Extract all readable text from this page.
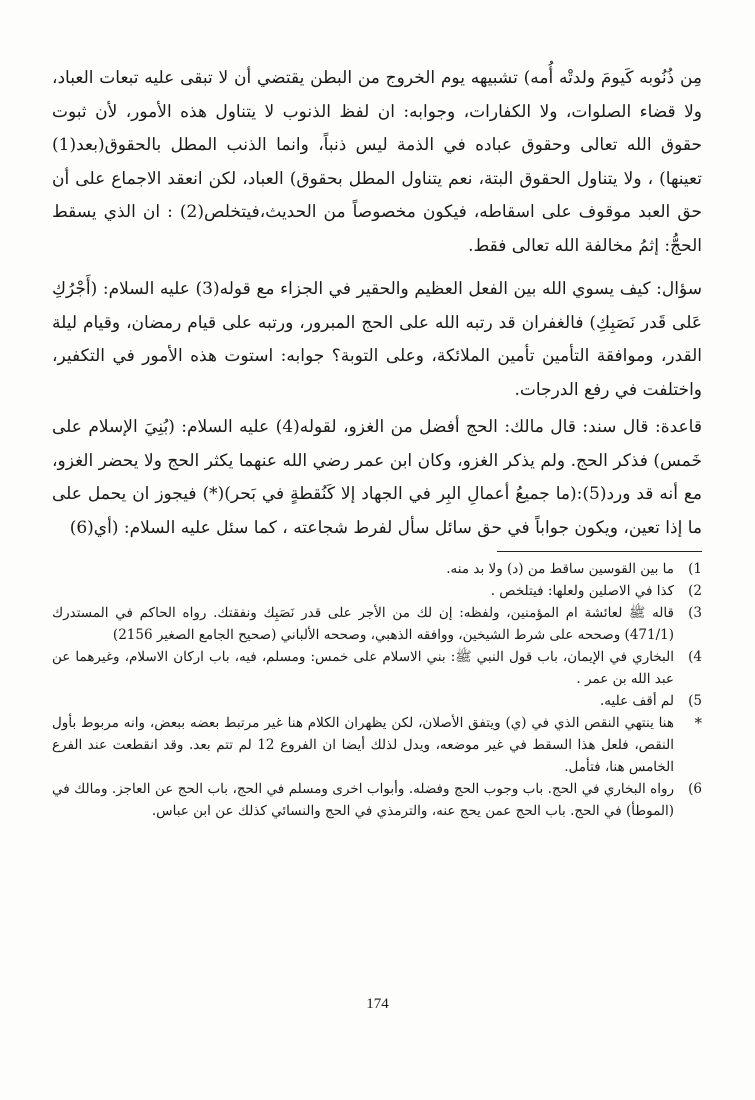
مِن ذُنُوبه كَيومَ ولدتْه أُمه) تشبيهه يوم الخروج من البطن يقتضي أن لا تبقى عليه تبعات العباد، ولا قضاء الصلوات، ولا الكفارات، وجوابه: ان لفظ الذنوب لا يتناول هذه الأمور، لأن ثبوت حقوق الله تعالى وحقوق عباده في الذمة ليس ذنباً، وانما الذنب المطل بالحقوق(بعد(1) تعينها) ، ولا يتناول الحقوق البتة، نعم يتناول المطل بحقوق) العباد، لكن انعقد الاجماع على أن حق العبد موقوف على اسقاطه، فيكون مخصوصاً من الحديث،فيتخلص(2) : ان الذي يسقط الحجُّ: إثمُ مخالفة الله تعالى فقط.

سؤال: كيف يسوي الله بين الفعل العظيم والحقير في الجزاء مع قوله(3) عليه السلام: (أَجْرُكِ عَلى قَدر نَصَبِكِ) فالغفران قد رتبه الله على الحج المبرور، ورتبه على قيام رمضان، وقيام ليلة القدر، وموافقة التأمين تأمين الملائكة، وعلى التوبة؟ جوابه: استوت هذه الأمور في التكفير، واختلفت في رفع الدرجات.

قاعدة: قال سند: قال مالك: الحج أفضل من الغزو، لقوله(4) عليه السلام: (بُنِيَ الإسلام على خَمس) فذكر الحج. ولم يذكر الغزو، وكان ابن عمر رضي الله عنهما يكثر الحج ولا يحضر الغزو، مع أنه قد ورد(5):(ما جميعُ أعمالِ البِر في الجهاد إلا كَنُقطةٍ في بَحر)(*) فيجوز ان يحمل على ما إذا تعين، ويكون جواباً في حق سائل سأل لفرط شجاعته ، كما سئل عليه السلام: (أي(6)

1)
ما بين القوسين ساقط من (د) ولا بد منه.
2)
كذا في الاصلين ولعلها: فيتلخص .
3)
قاله ﷺ لعائشة ام المؤمنين، ولفظه: إن لك من الأجر على قدر نَصَبِك ونفقتك. رواه الحاكم في المستدرك (471/1) وصححه على شرط الشيخين، ووافقه الذهبي، وصححه الألباني (صحيح الجامع الصغير 2156)
4)
البخاري في الإيمان، باب قول النبي ﷺ: بني الاسلام على خمس: ومسلم، فيه، باب اركان الاسلام، وغيرهما عن عبد الله بن عمر .
5)
لم أقف عليه.
*
هنا ينتهي النقص الذي في (ي) ويتفق الأصلان، لكن يظهران الكلام هنا غير مرتبط بعضه ببعض، وانه مربوط بأول النقص، فلعل هذا السقط في غير موضعه، ويدل لذلك أيضا ان الفروع 12 لم تتم بعد. وقد انقطعت عند الفرع الخامس هنا، فتأمل.
6)
رواه البخاري في الحج. باب وجوب الحج وفضله. وأبواب اخرى ومسلم في الحج، باب الحج عن العاجز. ومالك في (الموطأ) في الحج. باب الحج عمن يحج عنه، والترمذي في الحج والنسائي كذلك عن ابن عباس.
174
